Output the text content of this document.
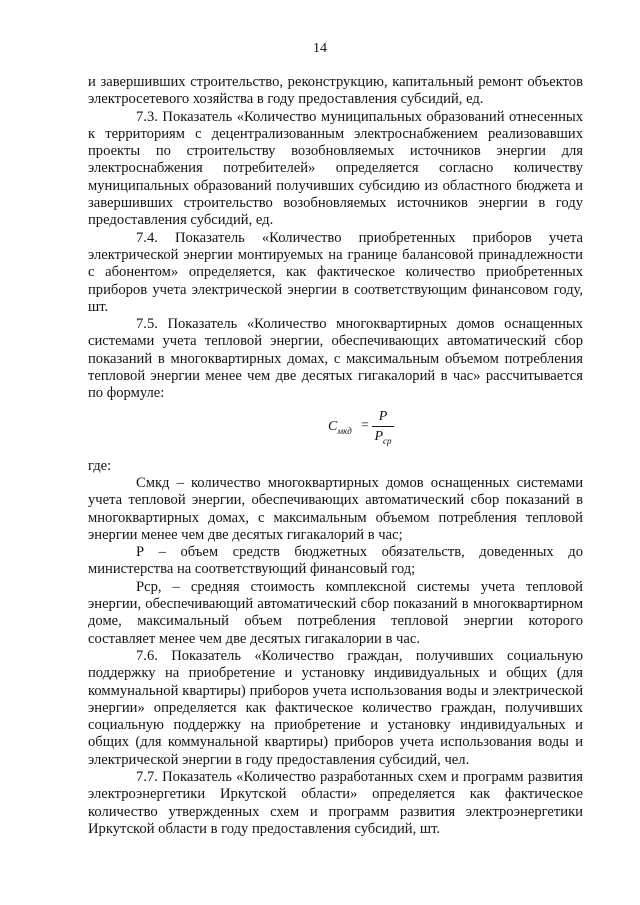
14

и завершивших строительство, реконструкцию, капитальный ремонт объектов электросетевого хозяйства в году предоставления субсидий, ед.

7.3. Показатель «Количество муниципальных образований отнесенных к территориям с децентрализованным электроснабжением реализовавших проекты по строительству возобновляемых источников энергии для электроснабжения потребителей» определяется согласно количеству муниципальных образований получивших субсидию из областного бюджета и завершивших строительство возобновляемых источников энергии в году предоставления субсидий, ед.

7.4. Показатель «Количество приобретенных приборов учета электрической энергии монтируемых на границе балансовой принадлежности с абонентом» определяется, как фактическое количество приобретенных приборов учета электрической энергии в соответствующим финансовом году, шт.

7.5. Показатель «Количество многоквартирных домов оснащенных системами учета тепловой энергии, обеспечивающих автоматический сбор показаний в многоквартирных домах, с максимальным объемом потребления тепловой энергии менее чем две десятых гигакалорий в час» рассчитывается по формуле:

$C_{мкд}$ =
P
$P_{ср}$

где:

Смкд – количество многоквартирных домов оснащенных системами учета тепловой энергии, обеспечивающих автоматический сбор показаний в многоквартирных домах, с максимальным объемом потребления тепловой энергии менее чем две десятых гигакалорий в час;

Р – объем средств бюджетных обязательств, доведенных до министерства на соответствующий финансовый год;

Рср, – средняя стоимость комплексной системы учета тепловой энергии, обеспечивающий автоматический сбор показаний в многоквартирном доме, максимальный объем потребления тепловой энергии которого составляет менее чем две десятых гигакалории в час.

7.6. Показатель «Количество граждан, получивших социальную поддержку на приобретение и установку индивидуальных и общих (для коммунальной квартиры) приборов учета использования воды и электрической энергии» определяется как фактическое количество граждан, получивших социальную поддержку на приобретение и установку индивидуальных и общих (для коммунальной квартиры) приборов учета использования воды и электрической энергии в году предоставления субсидий, чел.

7.7. Показатель «Количество разработанных схем и программ развития электроэнергетики Иркутской области» определяется как фактическое количество утвержденных схем и программ развития электроэнергетики Иркутской области в году предоставления субсидий, шт.
